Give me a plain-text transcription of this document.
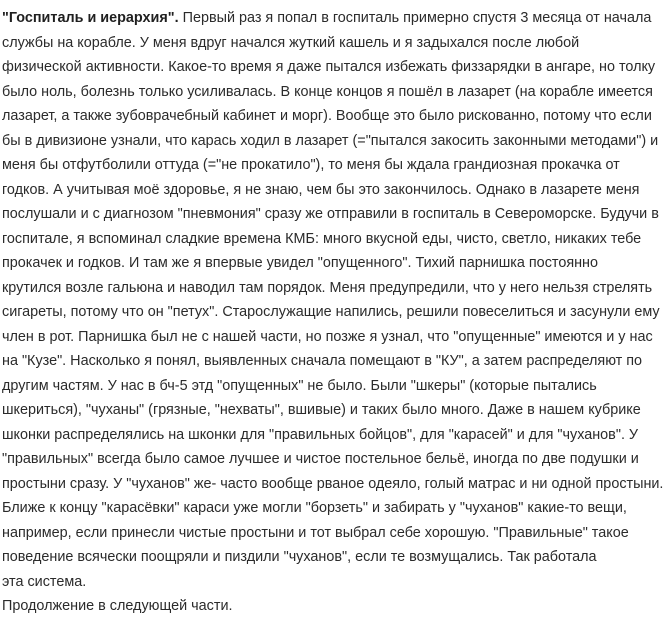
"Госпиталь и иерархия". Первый раз я попал в госпиталь примерно спустя 3 месяца от начала
службы на корабле. У меня вдруг начался жуткий кашель и я задыхался после любой
физической активности. Какое-то время я даже пытался избежать физзарядки в ангаре, но толку
было ноль, болезнь только усиливалась. В конце концов я пошёл в лазарет (на корабле имеется
лазарет, а также зубоврачебный кабинет и морг). Вообще это было рискованно, потому что если
бы в дивизионе узнали, что карась ходил в лазарет (="пытался закосить законными методами") и
меня бы отфутболили оттуда (="не прокатило"), то меня бы ждала грандиозная прокачка от
годков. А учитывая моё здоровье, я не знаю, чем бы это закончилось. Однако в лазарете меня
послушали и с диагнозом "пневмония" сразу же отправили в госпиталь в Североморске. Будучи в
госпитале, я вспоминал сладкие времена КМБ: много вкусной еды, чисто, светло, никаких тебе
прокачек и годков. И там же я впервые увидел "опущенного". Тихий парнишка постоянно
крутился возле гальюна и наводил там порядок. Меня предупредили, что у него нельзя стрелять
сигареты, потому что он "петух". Старослужащие напились, решили повеселиться и засунули ему
член в рот. Парнишка был не с нашей части, но позже я узнал, что "опущенные" имеются и у нас
на "Кузе". Насколько я понял, выявленных сначала помещают в "КУ", а затем распределяют по
другим частям. У нас в бч-5 этд "опущенных" не было. Были "шкеры" (которые пытались
шкериться), "чуханы" (грязные, "нехваты", вшивые) и таких было много. Даже в нашем кубрике
шконки распределялись на шконки для "правильных бойцов", для "карасей" и для "чуханов". У
"правильных" всегда было самое лучшее и чистое постельное бельё, иногда по две подушки и
простыни сразу. У "чуханов" же- часто вообще рваное одеяло, голый матрас и ни одной простыни.
Ближе к концу "карасёвки" караси уже могли "борзеть" и забирать у "чуханов" какие-то вещи,
например, если принесли чистые простыни и тот выбрал себе хорошую. "Правильные" такое
поведение всячески поощряли и пиздили "чуханов", если те возмущались. Так работала
эта система.
Продолжение в следующей части.
